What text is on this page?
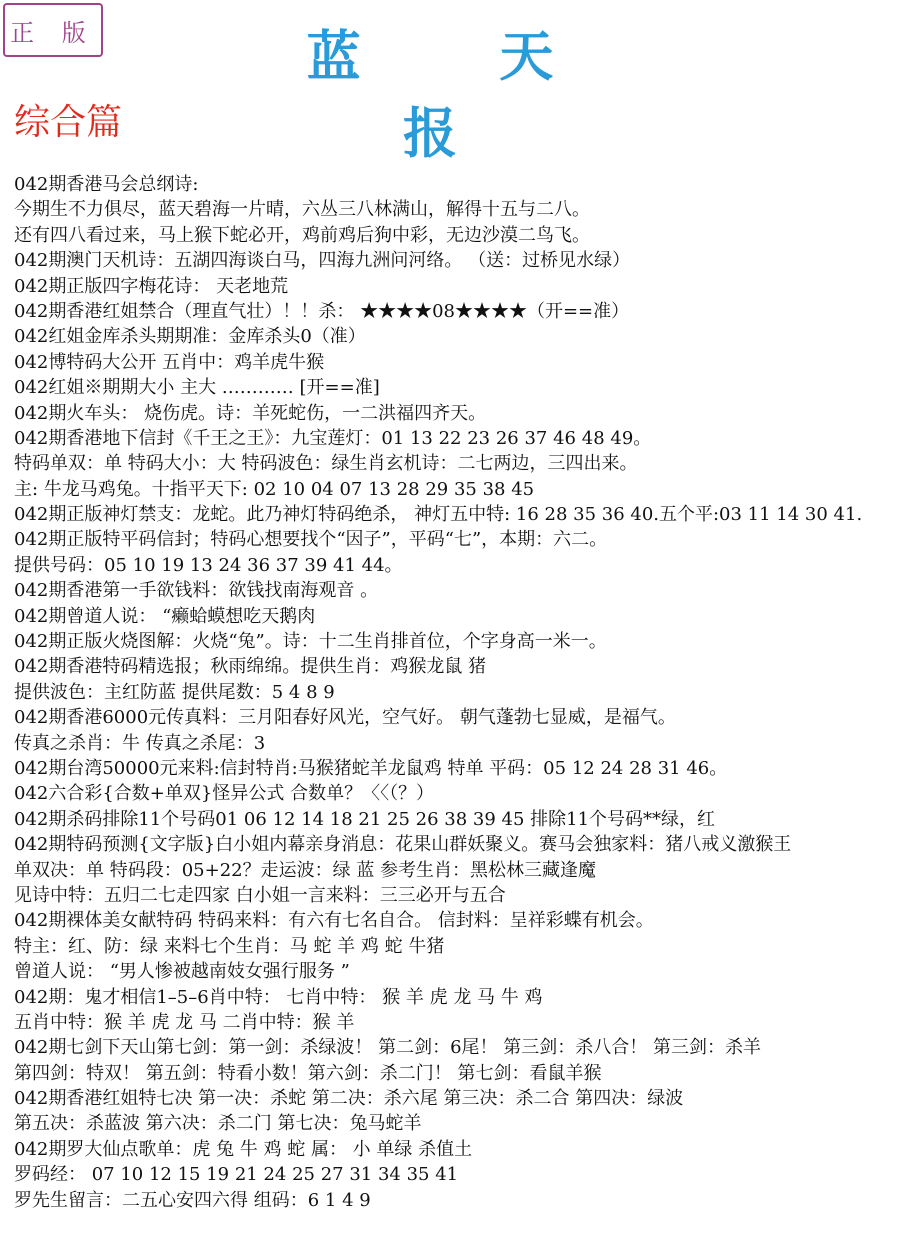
正 版	蓝 天 报
综合篇
042期香港马会总纲诗:
今期生不力俱尽，蓝天碧海一片晴，六丛三八林满山，解得十五与二八。
还有四八看过来，马上猴下蛇必开，鸡前鸡后狗中彩，无边沙漠二鸟飞。
042期澳门天机诗：五湖四海谈白马，四海九洲问河络。 （送：过桥见水绿）
042期正版四字梅花诗： 天老地荒
042期香港红姐禁合（理直气壮）！！杀： ★★★★08★★★★（开==准）
042红姐金库杀头期期准：金库杀头0（准）
042博特码大公开 五肖中：鸡羊虎牛猴
042红姐※期期大小 主大 ………… [开==准]
042期火车头： 烧伤虎。诗：羊死蛇伤，一二洪福四齐天。
042期香港地下信封《千王之王》：九宝莲灯：01 13 22 23 26 37 46 48 49。
特码单双：单 特码大小：大 特码波色：绿生肖玄机诗：二七两边，三四出来。
主: 牛龙马鸡兔。十指平天下: 02 10 04 07 13 28 29 35 38 45
042期正版神灯禁支：龙蛇。此乃神灯特码绝杀， 神灯五中特: 16 28 35 36 40.五个平:03 11 14 30 41.
042期正版特平码信封；特码心想要找个“因子”，平码“七”，本期：六二。
提供号码：05 10 19 13 24 36 37 39 41 44。
042期香港第一手欲钱料：欲钱找南海观音 。
042期曾道人说： “癞蛤蟆想吃天鹅肉
042期正版火烧图解：火烧“兔”。诗：十二生肖排首位，个字身高一米一。
042期香港特码精选报；秋雨绵绵。提供生肖：鸡猴龙鼠 猪
提供波色：主红防蓝 提供尾数：5 4 8 9
042期香港6000元传真料：三月阳春好风光，空气好。 朝气蓬勃七显威，是福气。
传真之杀肖：牛 传真之杀尾：3
042期台湾50000元来料:信封特肖:马猴猪蛇羊龙鼠鸡 特单 平码：05 12 24 28 31 46。
042六合彩{合数+单双}怪异公式 合数单？〈〈（？）
042期杀码排除11个号码01 06 12 14 18 21 25 26 38 39 45 排除11个号码**绿，红
042期特码预测{文字版}白小姐内幕亲身消息：花果山群妖聚义。赛马会独家料：猪八戒义激猴王
单双决：单 特码段：05+22？走运波：绿 蓝 参考生肖：黑松林三藏逢魔
见诗中特：五归二七走四家 白小姐一言来料：三三必开与五合
042期裸体美女献特码 特码来料：有六有七名自合。 信封料：呈祥彩蝶有机会。
特主：红、防：绿 来料七个生肖：马 蛇 羊 鸡 蛇 牛猪
曾道人说： “男人惨被越南妓女强行服务 ”
042期：鬼才相信1–5–6肖中特： 七肖中特： 猴 羊 虎 龙 马 牛 鸡
五肖中特：猴 羊 虎 龙 马 二肖中特：猴 羊
042期七剑下天山第七剑：第一剑：杀绿波！ 第二剑：6尾！ 第三剑：杀八合！ 第三剑：杀羊
第四剑：特双！ 第五剑：特看小数！第六剑：杀二门！ 第七剑：看鼠羊猴
042期香港红姐特七决 第一决：杀蛇 第二决：杀六尾 第三决：杀二合 第四决：绿波
第五决：杀蓝波 第六决：杀二门 第七决：兔马蛇羊
042期罗大仙点歌单：虎 兔 牛 鸡 蛇 属： 小 单绿 杀值土
罗码经： 07 10 12 15 19 21 24 25 27 31 34 35 41
罗先生留言：二五心安四六得 组码：6 1 4 9
